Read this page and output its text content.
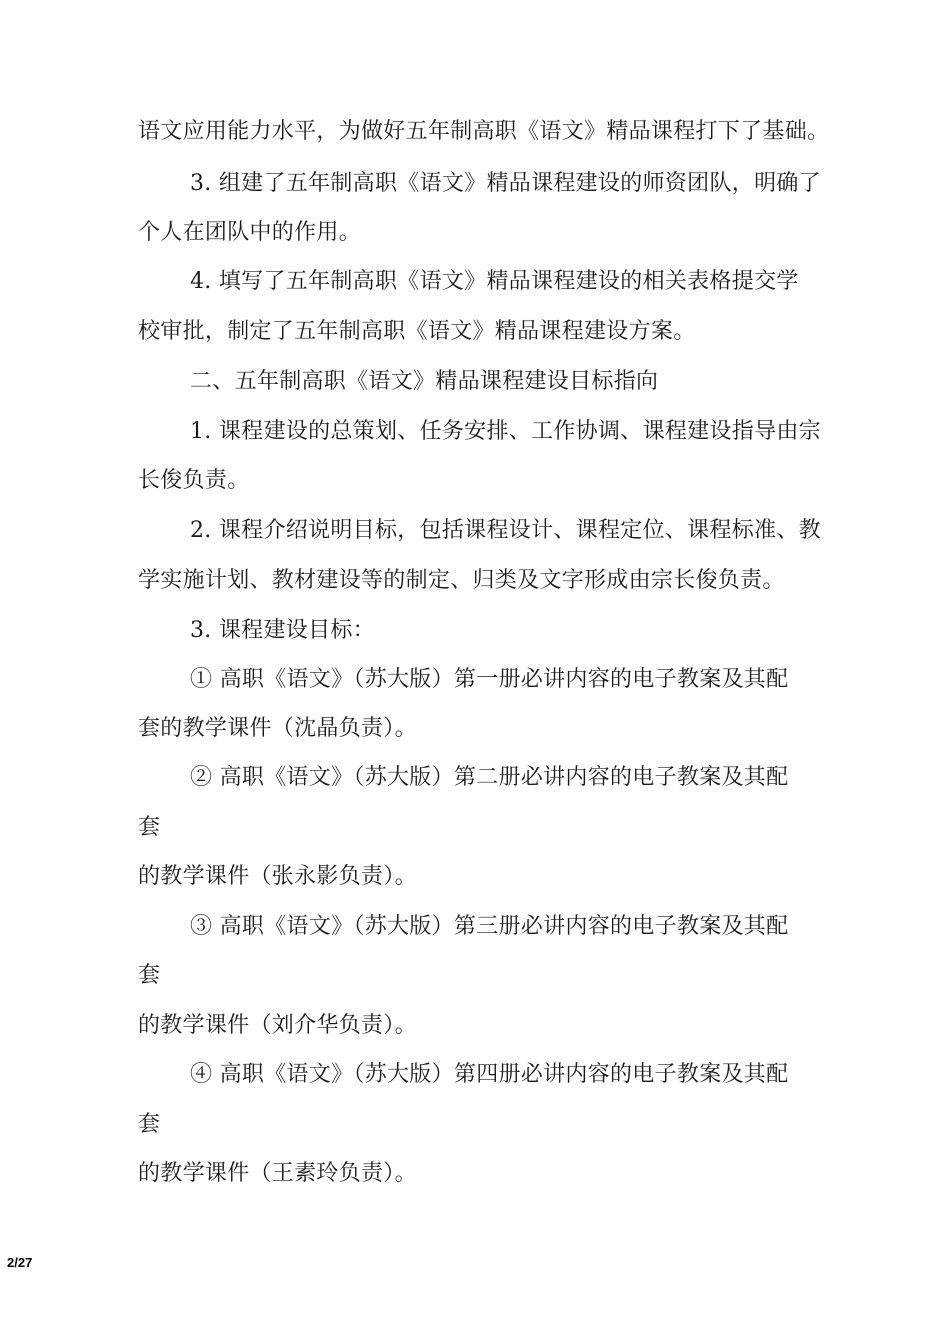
语文应用能力水平，为做好五年制高职《语文》精品课程打下了基础。
3. 组建了五年制高职《语文》精品课程建设的师资团队，明确了
个人在团队中的作用。
4. 填写了五年制高职《语文》精品课程建设的相关表格提交学
校审批，制定了五年制高职《语文》精品课程建设方案。
二、五年制高职《语文》精品课程建设目标指向
1. 课程建设的总策划、任务安排、工作协调、课程建设指导由宗
长俊负责。
2. 课程介绍说明目标，包括课程设计、课程定位、课程标准、教
学实施计划、教材建设等的制定、归类及文字形成由宗长俊负责。
3. 课程建设目标：
① 高职《语文》（苏大版）第一册必讲内容的电子教案及其配
套的教学课件（沈晶负责）。
② 高职《语文》（苏大版）第二册必讲内容的电子教案及其配
套
的教学课件（张永影负责）。
③ 高职《语文》（苏大版）第三册必讲内容的电子教案及其配
套
的教学课件（刘介华负责）。
④ 高职《语文》（苏大版）第四册必讲内容的电子教案及其配
套
的教学课件（王素玲负责）。
2/27
